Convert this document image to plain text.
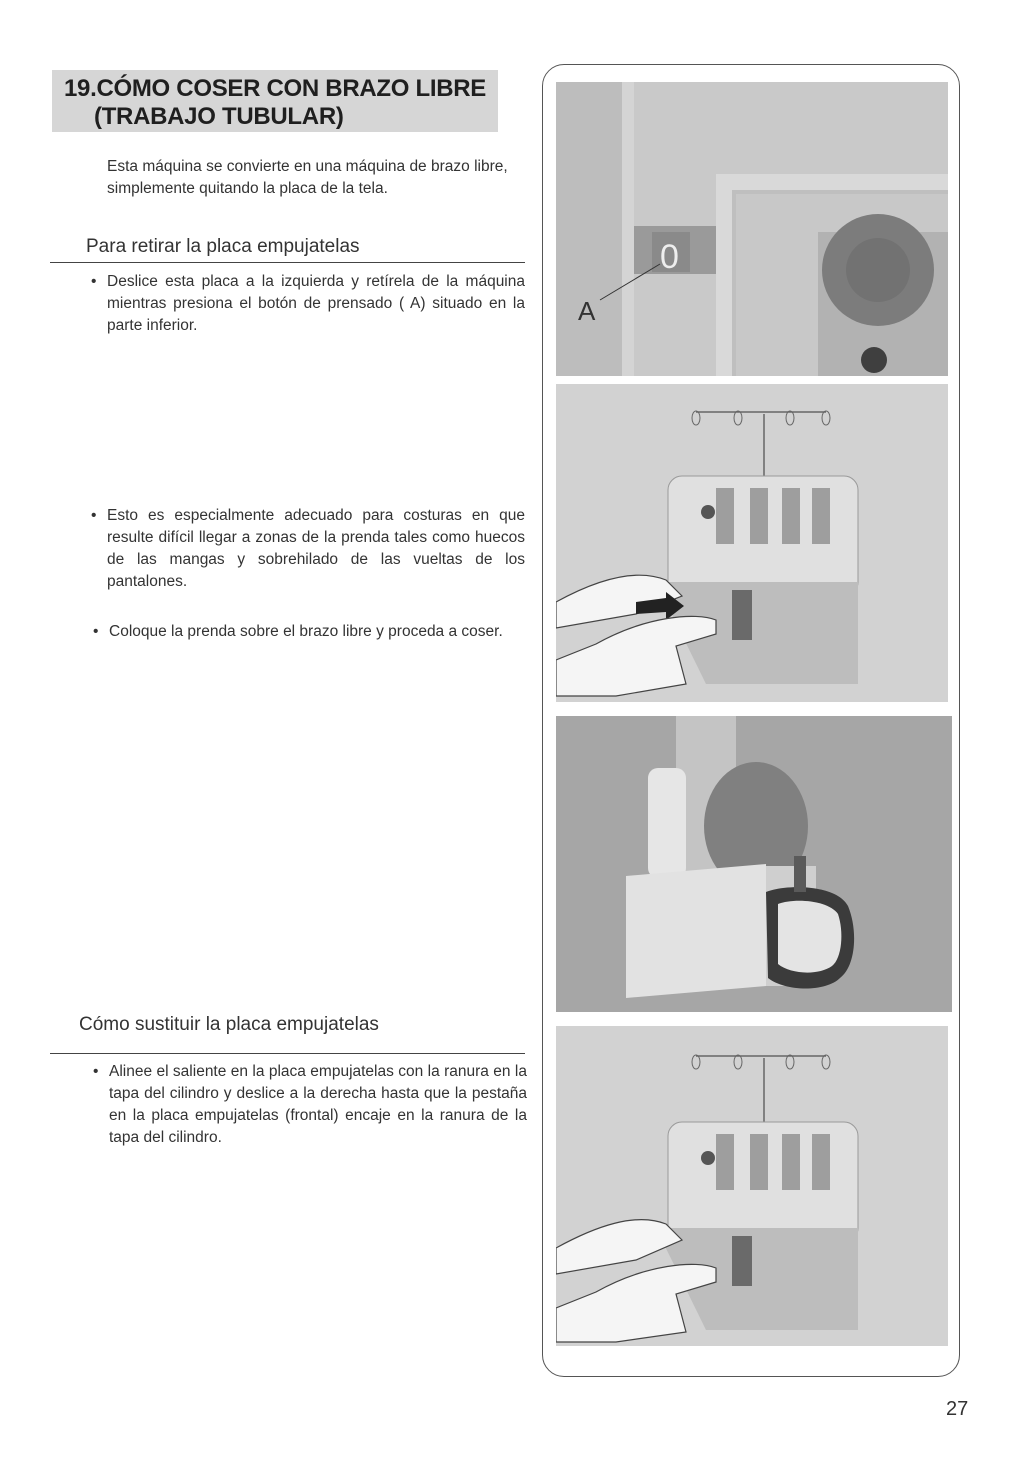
19.CÓMO COSER CON BRAZO LIBRE
(TRABAJO TUBULAR)
Esta máquina se convierte en una máquina de brazo libre, simplemente quitando la placa de la tela.
Para retirar la placa empujatelas
• Deslice esta placa a la izquierda y retírela de la máquina mientras presiona el botón de prensado ( A) situado en la parte inferior.
• Esto es especialmente adecuado para costuras en que resulte difícil llegar a zonas de la prenda tales como huecos de las mangas y sobrehilado de las vueltas de los pantalones.
• Coloque la prenda sobre el brazo libre y proceda a coser.
Cómo sustituir la placa empujatelas
• Alinee el saliente en la placa empujatelas con la ranura en la tapa del cilindro y deslice a la derecha hasta que la pestaña en la placa empujatelas (frontal) encaje en la ranura de la tapa del cilindro.
0
A
27
